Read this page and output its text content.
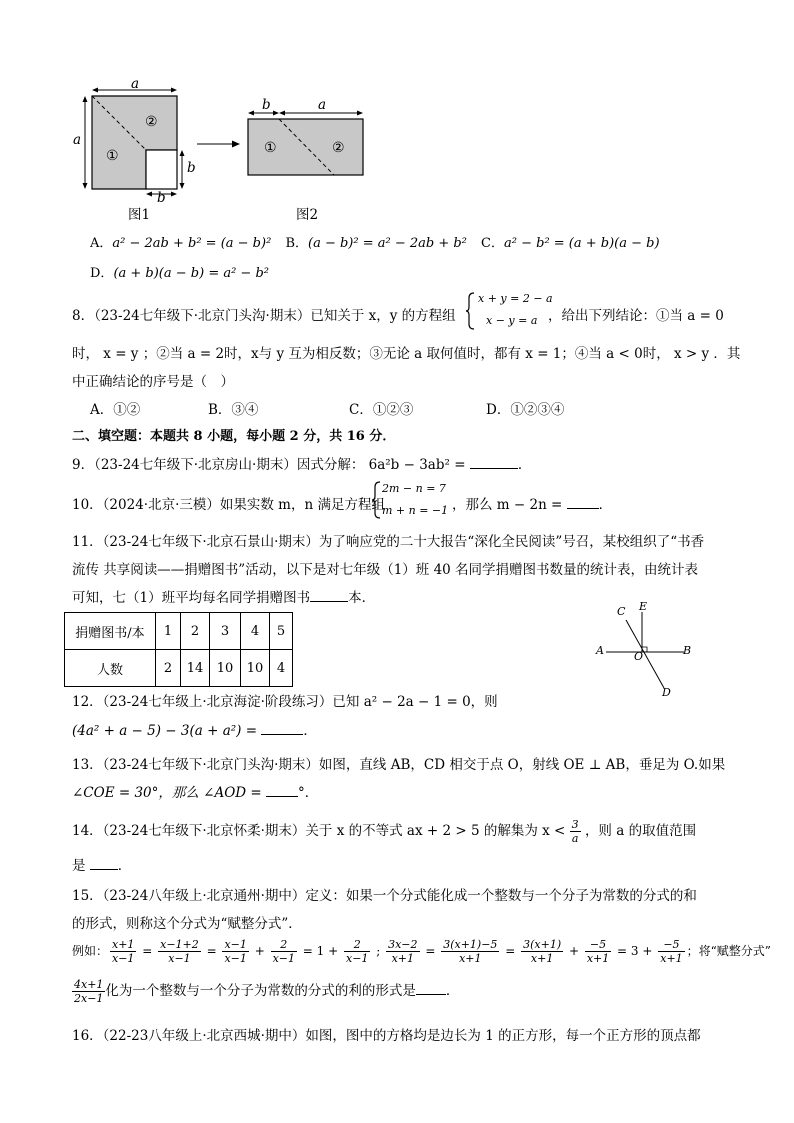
a
a
b
b
①
②
图1
b	a
①	②
图2
A．a² − 2ab + b² = (a − b)² B．(a − b)² = a² − 2ab + b² C．a² − b² = (a + b)(a − b)
D．(a + b)(a − b) = a² − b²
8．（23-24七年级下·北京门头沟·期末）已知关于 x，y 的方程组
x + y = 2 − a
x − y = a ，给出下列结论：①当 a = 0
时， x = y ；②当 a = 2时，x与 y 互为相反数；③无论 a 取何值时，都有 x = 1；④当 a < 0时， x > y ．其
中正确结论的序号是（　）
A．①②	B．③④	C．①②③	D．①②③④
二、填空题：本题共 8 小题，每小题 2 分，共 16 分．
9．（23-24七年级下·北京房山·期末）因式分解： 6a²b − 3ab² =	．
10．（2024·北京·三模）如果实数 m，n 满足方程组
2m − n = 7
m + n = −1 ，那么 m − 2n = ．
11．（23-24七年级下·北京石景山·期末）为了响应党的二十大报告“深化全民阅读”号召，某校组织了“书香
流传 共享阅读——捐赠图书”活动，以下是对七年级（1）班 40 名同学捐赠图书数量的统计表，由统计表
可知，七（1）班平均每名同学捐赠图书	本．
捐赠图书/本	1	2	3	4	5
人数	2	14	10	10	4
C E
A	O	B
D
12．（23-24七年级上·北京海淀·阶段练习）已知 a² − 2a − 1 = 0，则
(4a² + a − 5) − 3(a + a²) =	．
13．（23-24七年级下·北京门头沟·期末）如图，直线 AB，CD 相交于点 O，射线 OE ⊥ AB，垂足为 O.如果
∠COE = 30°，那么 ∠AOD = °．
14．（23-24七年级下·北京怀柔·期末）关于 x 的不等式 ax + 2 > 5 的解集为 $x < \frac{3}{a}$ ，则 a 的取值范围
是 ．
15．（23-24八年级上·北京通州·期中）定义：如果一个分式能化成一个整数与一个分子为常数的分式的和
的形式，则称这个分式为“赋整分式”．
例如： $\frac{x+1}{x-1} = \frac{x-1+2}{x-1} = \frac{x-1}{x-1} + \frac{2}{x-1} = 1 + \frac{2}{x-1}$ ; $\frac{3x-2}{x+1} = \frac{3(x+1)-5}{x+1} = \frac{3(x+1)}{x+1} + \frac{-5}{x+1} = 3 + \frac{-5}{x+1}$ ；将“赋整分式”
$\frac{4x+1}{2x-1}$ 化为一个整数与一个分子为常数的分式的利的形式是 ．
16．（22-23八年级上·北京西城·期中）如图，图中的方格均是边长为 1 的正方形，每一个正方形的顶点都
